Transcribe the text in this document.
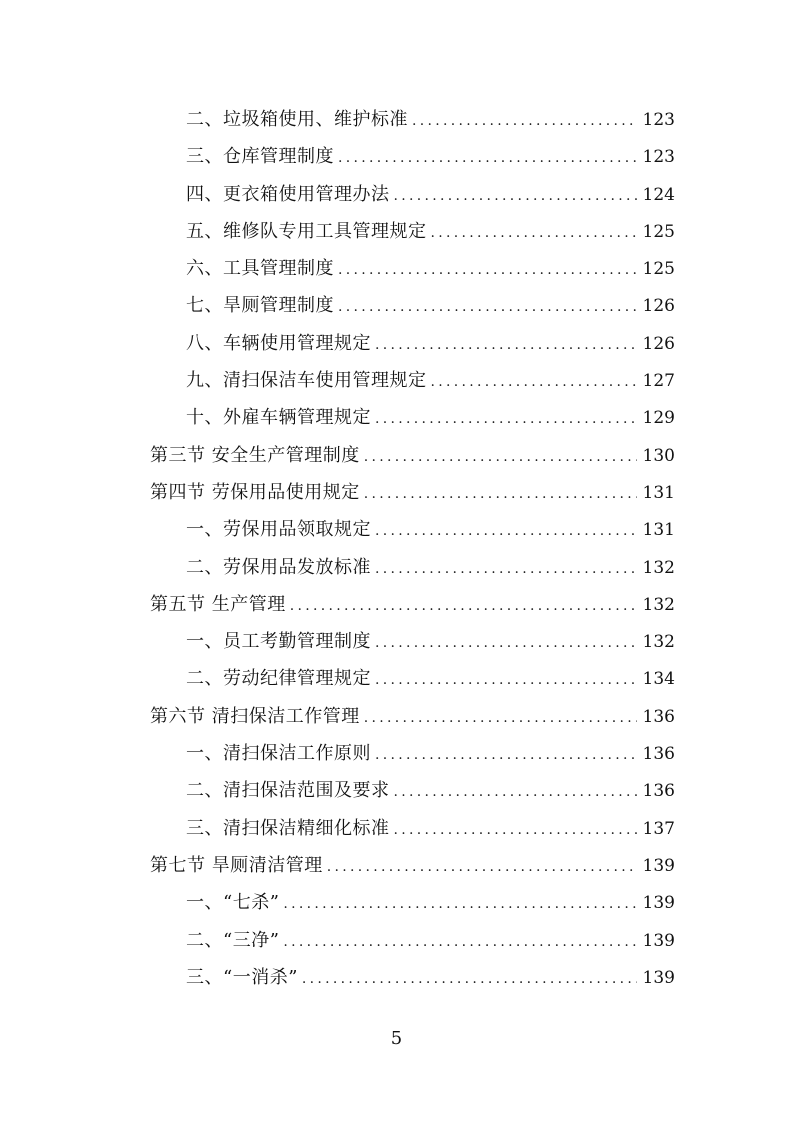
二、垃圾箱使用、维护标准 .....	123
三、仓库管理制度 .....	123
四、更衣箱使用管理办法 .....	124
五、维修队专用工具管理规定 .....	125
六、工具管理制度 .....	125
七、旱厕管理制度 .....	126
八、车辆使用管理规定 .....	126
九、清扫保洁车使用管理规定 .....	127
十、外雇车辆管理规定 .....	129
第三节 安全生产管理制度 .....	130
第四节 劳保用品使用规定 .....	131
一、劳保用品领取规定 .....	131
二、劳保用品发放标准 .....	132
第五节 生产管理 .....	132
一、员工考勤管理制度 .....	132
二、劳动纪律管理规定 .....	134
第六节 清扫保洁工作管理 .....	136
一、清扫保洁工作原则 .....	136
二、清扫保洁范围及要求 .....	136
三、清扫保洁精细化标准 .....	137
第七节 旱厕清洁管理 .....	139
一、“七杀” .....	139
二、“三净” .....	139
三、“一消杀” .....	139
5
